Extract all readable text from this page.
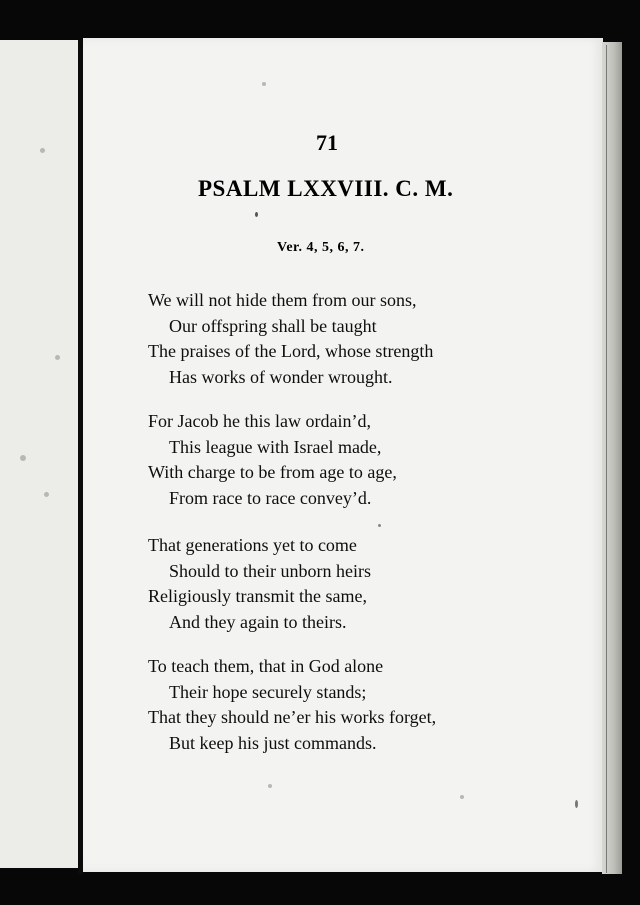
71
PSALM LXXVIII. C. M.
Ver. 4, 5, 6, 7.
We will not hide them from our sons,
Our offspring shall be taught
The praises of the Lord, whose strength
Has works of wonder wrought.
For Jacob he this law ordain’d,
This league with Israel made,
With charge to be from age to age,
From race to race convey’d.
That generations yet to come
Should to their unborn heirs
Religiously transmit the same,
And they again to theirs.
To teach them, that in God alone
Their hope securely stands;
That they should ne’er his works forget,
But keep his just commands.
